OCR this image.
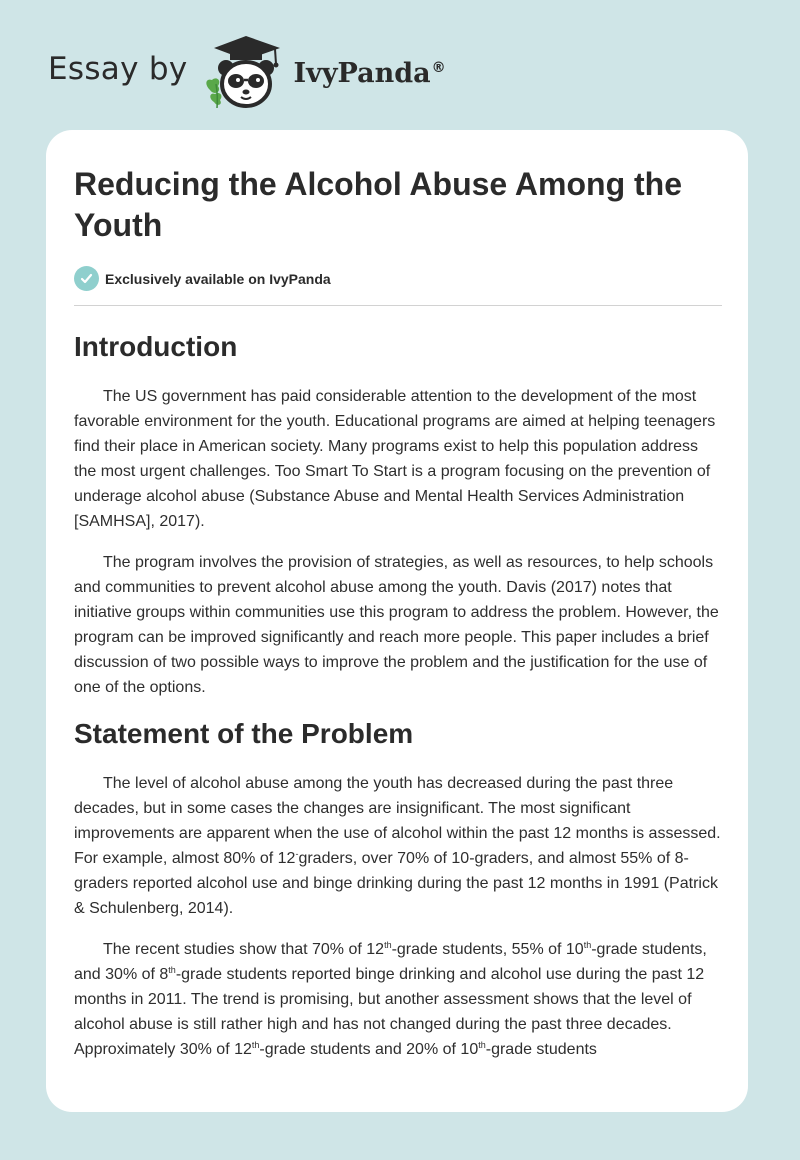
Essay by	IvyPanda®
Reducing the Alcohol Abuse Among the Youth
Exclusively available on IvyPanda
Introduction

The US government has paid considerable attention to the development of the most favorable environment for the youth. Educational programs are aimed at helping teenagers find their place in American society. Many programs exist to help this population address the most urgent challenges. Too Smart To Start is a program focusing on the prevention of underage alcohol abuse (Substance Abuse and Mental Health Services Administration [SAMHSA], 2017).

The program involves the provision of strategies, as well as resources, to help schools and communities to prevent alcohol abuse among the youth. Davis (2017) notes that initiative groups within communities use this program to address the problem. However, the program can be improved significantly and reach more people. This paper includes a brief discussion of two possible ways to improve the problem and the justification for the use of one of the options.

Statement of the Problem

The level of alcohol abuse among the youth has decreased during the past three decades, but in some cases the changes are insignificant. The most significant improvements are apparent when the use of alcohol within the past 12 months is assessed. For example, almost 80% of 12-graders, over 70% of 10-graders, and almost 55% of 8-graders reported alcohol use and binge drinking during the past 12 months in 1991 (Patrick & Schulenberg, 2014).

The recent studies show that 70% of 12th-grade students, 55% of 10th-grade students, and 30% of 8th-grade students reported binge drinking and alcohol use during the past 12 months in 2011. The trend is promising, but another assessment shows that the level of alcohol abuse is still rather high and has not changed during the past three decades. Approximately 30% of 12th-grade students and 20% of 10th-grade students
